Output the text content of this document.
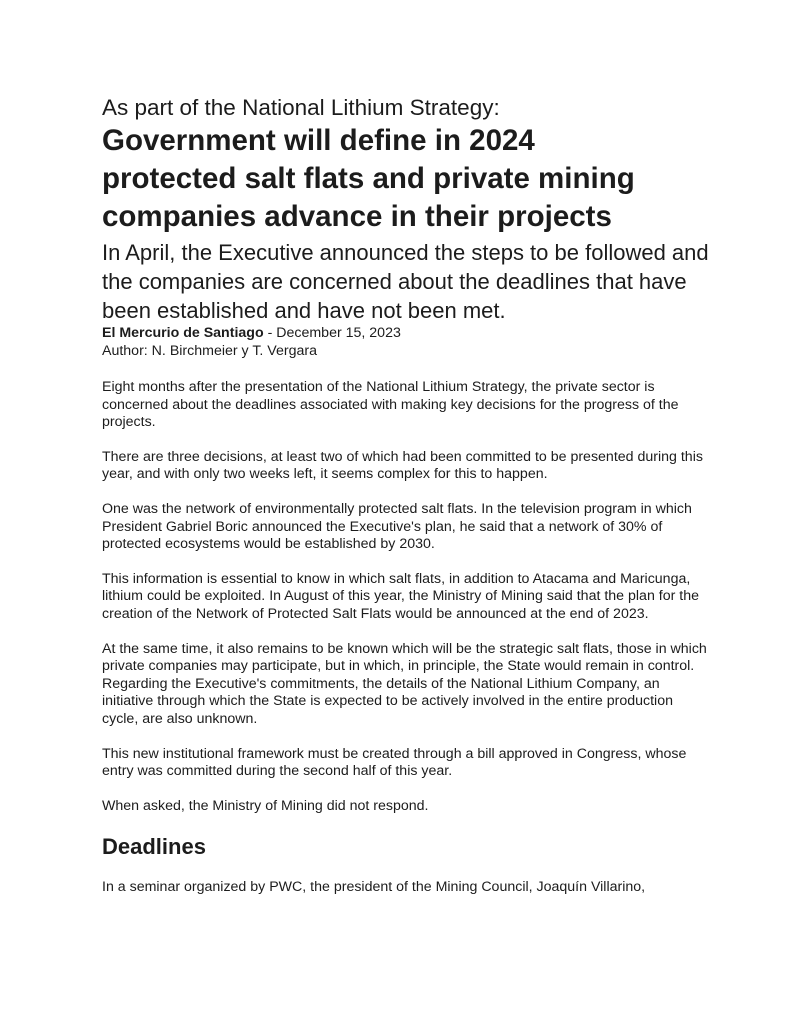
As part of the National Lithium Strategy:
Government will define in 2024
protected salt flats and private mining
companies advance in their projects

In April, the Executive announced the steps to be followed and the companies are concerned about the deadlines that have been established and have not been met.

El Mercurio de Santiago - December 15, 2023

Author: N. Birchmeier y T. Vergara

Eight months after the presentation of the National Lithium Strategy, the private sector is concerned about the deadlines associated with making key decisions for the progress of the projects.

There are three decisions, at least two of which had been committed to be presented during this year, and with only two weeks left, it seems complex for this to happen.

One was the network of environmentally protected salt flats. In the television program in which President Gabriel Boric announced the Executive's plan, he said that a network of 30% of protected ecosystems would be established by 2030.

This information is essential to know in which salt flats, in addition to Atacama and Maricunga, lithium could be exploited. In August of this year, the Ministry of Mining said that the plan for the creation of the Network of Protected Salt Flats would be announced at the end of 2023.

At the same time, it also remains to be known which will be the strategic salt flats, those in which private companies may participate, but in which, in principle, the State would remain in control.

Regarding the Executive's commitments, the details of the National Lithium Company, an initiative through which the State is expected to be actively involved in the entire production cycle, are also unknown.

This new institutional framework must be created through a bill approved in Congress, whose entry was committed during the second half of this year.

When asked, the Ministry of Mining did not respond.

Deadlines

In a seminar organized by PWC, the president of the Mining Council, Joaquín Villarino,
